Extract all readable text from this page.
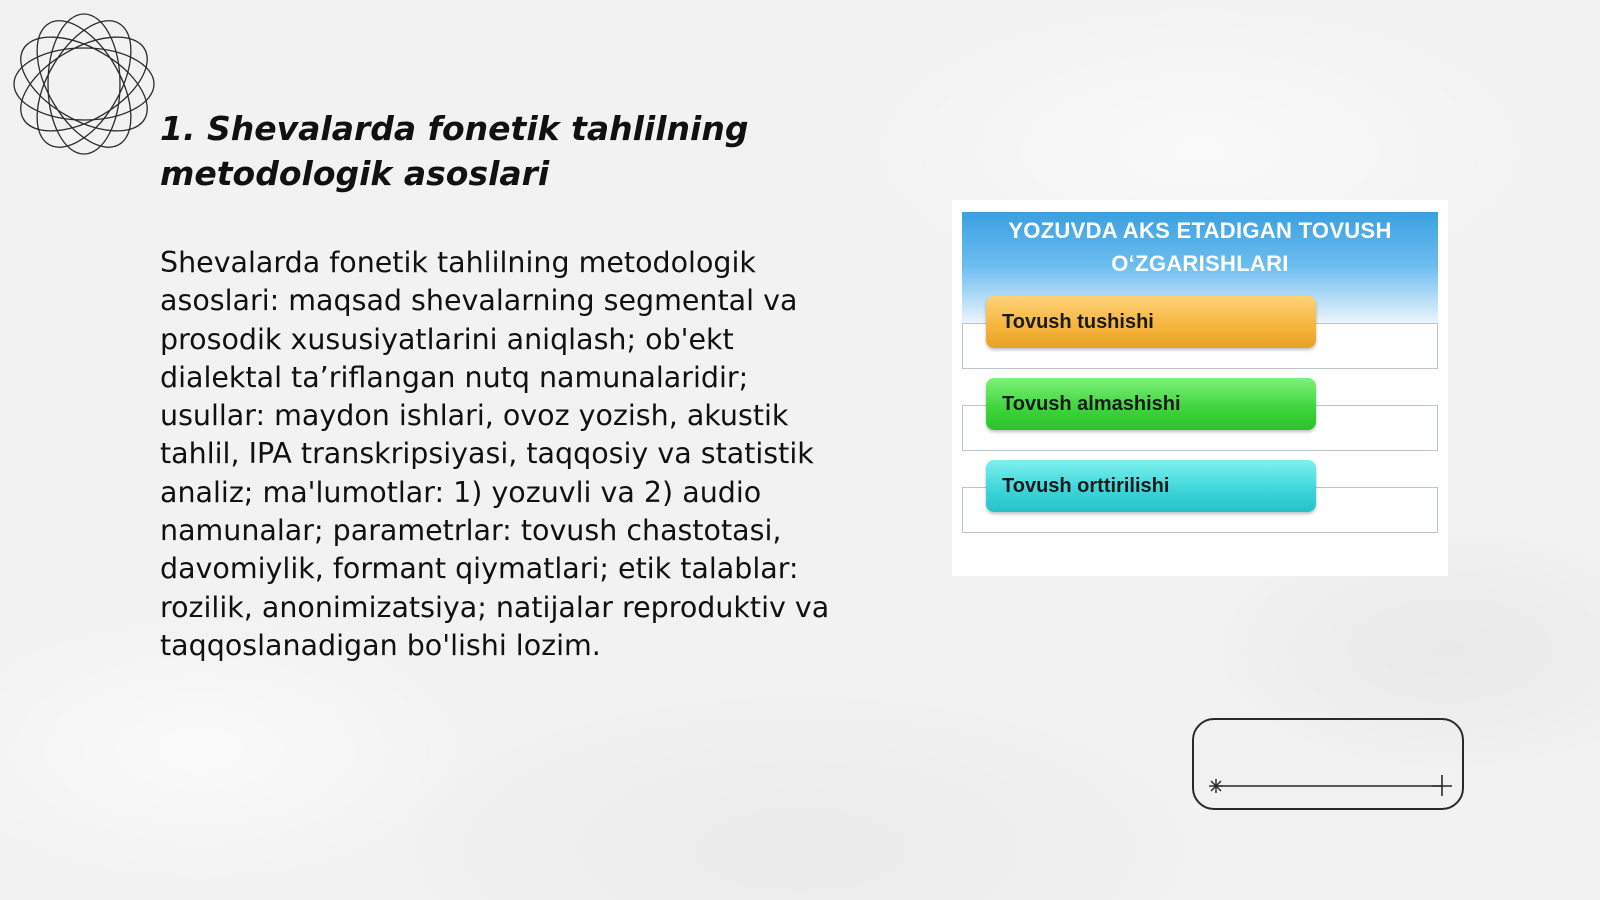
1. Shevalarda fonetik tahlilning
metodologik asoslari

Shevalarda fonetik tahlilning metodologik asoslari: maqsad shevalarning segmental va prosodik xususiyatlarini aniqlash; ob'ekt dialektal ta’riflangan nutq namunalaridir; usullar: maydon ishlari, ovoz yozish, akustik tahlil, IPA transkripsiyasi, taqqosiy va statistik analiz; ma'lumotlar: 1) yozuvli va 2) audio namunalar; parametrlar: tovush chastotasi, davomiylik, formant qiymatlari; etik talablar: rozilik, anonimizatsiya; natijalar reproduktiv va taqqoslanadigan bo'lishi lozim.

YOZUVDA AKS ETADIGAN TOVUSH
O‘ZGARISHLARI
Tovush tushishi
Tovush almashishi
Tovush orttirilishi
